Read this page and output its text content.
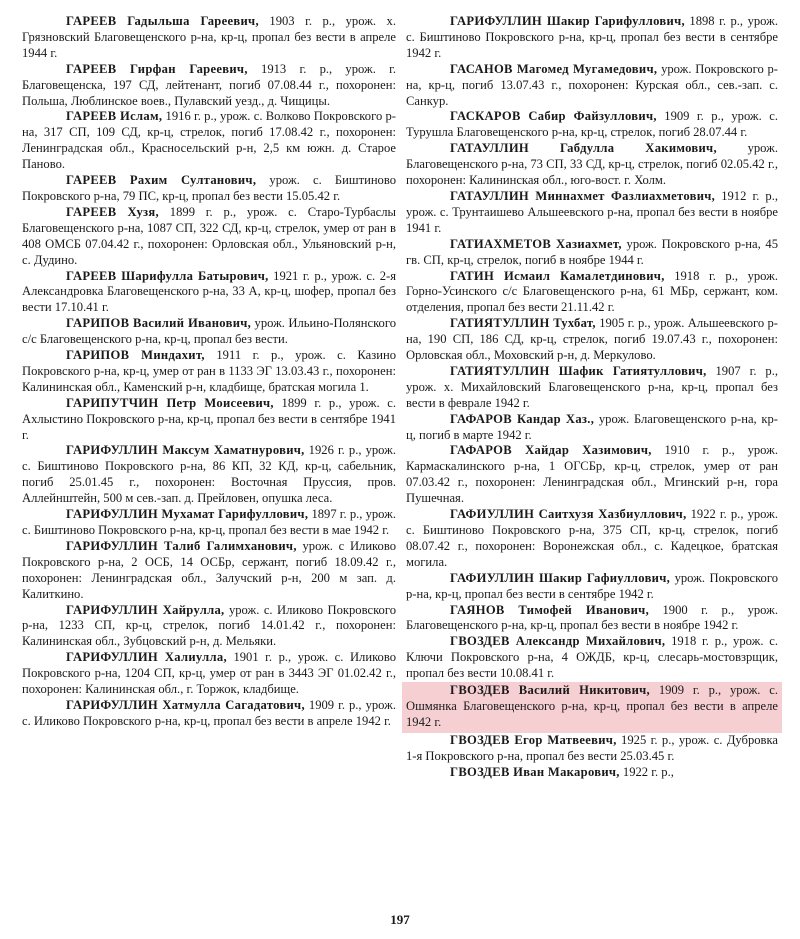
ГАРЕЕВ Гадыльша Гареевич, 1903 г. р., урож. х. Грязновский Благовещенского р-на, кр-ц, пропал без вести в апреле 1944 г.

ГАРЕЕВ Гирфан Гареевич, 1913 г. р., урож. г. Благовещенска, 197 СД, лейтенант, погиб 07.08.44 г., похоронен: Польша, Люблинское воев., Пулавский уезд., д. Чищицы.

ГАРЕЕВ Ислам, 1916 г. р., урож. с. Волково Покровского р-на, 317 СП, 109 СД, кр-ц, стрелок, погиб 17.08.42 г., похоронен: Ленинградская обл., Красносельский р-н, 2,5 км южн. д. Старое Паново.

ГАРЕЕВ Рахим Султанович, урож. с. Биштиново Покровского р-на, 79 ПС, кр-ц, пропал без вести 15.05.42 г.

ГАРЕЕВ Хузя, 1899 г. р., урож. с. Старо-Турбаслы Благовещенского р-на, 1087 СП, 322 СД, кр-ц, стрелок, умер от ран в 408 ОМСБ 07.04.42 г., похоронен: Орловская обл., Ульяновский р-н, с. Дудино.

ГАРЕЕВ Шарифулла Батырович, 1921 г. р., урож. с. 2-я Александровка Благовещенского р-на, 33 А, кр-ц, шофер, пропал без вести 17.10.41 г.

ГАРИПОВ Василий Иванович, урож. Ильино-Полянского с/с Благовещенского р-на, кр-ц, пропал без вести.

ГАРИПОВ Миндахит, 1911 г. р., урож. с. Казино Покровского р-на, кр-ц, умер от ран в 1133 ЭГ 13.03.43 г., похоронен: Калининская обл., Каменский р-н, кладбище, братская могила 1.

ГАРИПУТЧИН Петр Моисеевич, 1899 г. р., урож. с. Ахлыстино Покровского р-на, кр-ц, пропал без вести в сентябре 1941 г.

ГАРИФУЛЛИН Максум Хаматнурович, 1926 г. р., урож. с. Биштиново Покровского р-на, 86 КП, 32 КД, кр-ц, сабельник, погиб 25.01.45 г., похоронен: Восточная Пруссия, пров. Аллейнштейн, 500 м сев.-зап. д. Прейловен, опушка леса.

ГАРИФУЛЛИН Мухамат Гарифуллович, 1897 г. р., урож. с. Биштиново Покровского р-на, кр-ц, пропал без вести в мае 1942 г.

ГАРИФУЛЛИН Талиб Галимханович, урож. с Иликово Покровского р-на, 2 ОСБ, 14 ОСБр, сержант, погиб 18.09.42 г., похоронен: Ленинградская обл., Залучский р-н, 200 м зап. д. Калиткино.

ГАРИФУЛЛИН Хайрулла, урож. с. Иликово Покровского р-на, 1233 СП, кр-ц, стрелок, погиб 14.01.42 г., похоронен: Калининская обл., Зубцовский р-н, д. Мельяки.

ГАРИФУЛЛИН Халиулла, 1901 г. р., урож. с. Иликово Покровского р-на, 1204 СП, кр-ц, умер от ран в 3443 ЭГ 01.02.42 г., похоронен: Калининская обл., г. Торжок, кладбище.

ГАРИФУЛЛИН Хатмулла Сагадатович, 1909 г. р., урож. с. Иликово Покровского р-на, кр-ц, пропал без вести в апреле 1942 г.

ГАРИФУЛЛИН Шакир Гарифуллович, 1898 г. р., урож. с. Биштиново Покровского р-на, кр-ц, пропал без вести в сентябре 1942 г.

ГАСАНОВ Магомед Мугамедович, урож. Покровского р-на, кр-ц, погиб 13.07.43 г., похоронен: Курская обл., сев.-зап. с. Санкур.

ГАСКАРОВ Сабир Файзуллович, 1909 г. р., урож. с. Турушла Благовещенского р-на, кр-ц, стрелок, погиб 28.07.44 г.

ГАТАУЛЛИН Габдулла Хакимович, урож. Благовещенского р-на, 73 СП, 33 СД, кр-ц, стрелок, погиб 02.05.42 г., похоронен: Калининская обл., юго-вост. г. Холм.

ГАТАУЛЛИН Миннахмет Фазлиахметович, 1912 г. р., урож. с. Трунтаишево Альшеевского р-на, пропал без вести в ноябре 1941 г.

ГАТИАХМЕТОВ Хазиахмет, урож. Покровского р-на, 45 гв. СП, кр-ц, стрелок, погиб в ноябре 1944 г.

ГАТИН Исмаил Камалетдинович, 1918 г. р., урож. Горно-Усинского с/с Благовещенского р-на, 61 МБр, сержант, ком. отделения, пропал без вести 21.11.42 г.

ГАТИЯТУЛЛИН Тухбат, 1905 г. р., урож. Альшеевского р-на, 190 СП, 186 СД, кр-ц, стрелок, погиб 19.07.43 г., похоронен: Орловская обл., Моховский р-н, д. Меркулово.

ГАТИЯТУЛЛИН Шафик Гатиятуллович, 1907 г. р., урож. х. Михайловский Благовещенского р-на, кр-ц, пропал без вести в феврале 1942 г.

ГАФАРОВ Кандар Хаз., урож. Благовещенского р-на, кр-ц, погиб в марте 1942 г.

ГАФАРОВ Хайдар Хазимович, 1910 г. р., урож. Кармаскалинского р-на, 1 ОГСБр, кр-ц, стрелок, умер от ран 07.03.42 г., похоронен: Ленинградская обл., Мгинский р-н, гора Пушечная.

ГАФИУЛЛИН Саитхузя Хазбиуллович, 1922 г. р., урож. с. Биштиново Покровского р-на, 375 СП, кр-ц, стрелок, погиб 08.07.42 г., похоронен: Воронежская обл., с. Кадецкое, братская могила.

ГАФИУЛЛИН Шакир Гафиуллович, урож. Покровского р-на, кр-ц, пропал без вести в сентябре 1942 г.

ГАЯНОВ Тимофей Иванович, 1900 г. р., урож. Благовещенского р-на, кр-ц, пропал без вести в ноябре 1942 г.

ГВОЗДЕВ Александр Михайлович, 1918 г. р., урож. с. Ключи Покровского р-на, 4 ОЖДБ, кр-ц, слесарь-мостовзрщик, пропал без вести 10.08.41 г.

ГВОЗДЕВ Василий Никитович, 1909 г. р., урож. с. Ошмянка Благовещенского р-на, кр-ц, пропал без вести в апреле 1942 г.

ГВОЗДЕВ Егор Матвеевич, 1925 г. р., урож. с. Дубровка 1-я Покровского р-на, пропал без вести 25.03.45 г.

ГВОЗДЕВ Иван Макарович, 1922 г. р.,

197
